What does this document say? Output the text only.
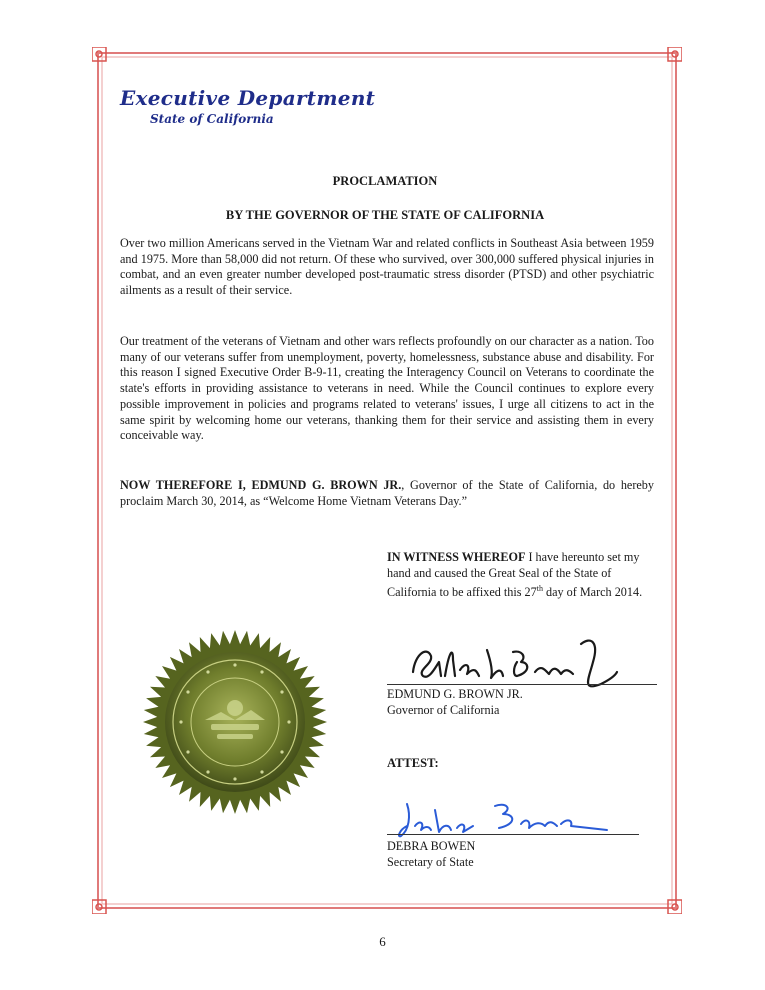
Executive Department
State of California
PROCLAMATION
BY THE GOVERNOR OF THE STATE OF CALIFORNIA
Over two million Americans served in the Vietnam War and related conflicts in Southeast Asia between 1959 and 1975. More than 58,000 did not return. Of these who survived, over 300,000 suffered physical injuries in combat, and an even greater number developed post-traumatic stress disorder (PTSD) and other psychiatric ailments as a result of their service.
Our treatment of the veterans of Vietnam and other wars reflects profoundly on our character as a nation. Too many of our veterans suffer from unemployment, poverty, homelessness, substance abuse and disability. For this reason I signed Executive Order B-9-11, creating the Interagency Council on Veterans to coordinate the state's efforts in providing assistance to veterans in need. While the Council continues to explore every possible improvement in policies and programs related to veterans' issues, I urge all citizens to act in the same spirit by welcoming home our veterans, thanking them for their service and assisting them in every conceivable way.
NOW THEREFORE I, EDMUND G. BROWN JR., Governor of the State of California, do hereby proclaim March 30, 2014, as “Welcome Home Vietnam Veterans Day.”
IN WITNESS WHEREOF I have hereunto set my hand and caused the Great Seal of the State of California to be affixed this 27th day of March 2014.
EDMUND G. BROWN JR.
Governor of California
ATTEST:
DEBRA BOWEN
Secretary of State
6
